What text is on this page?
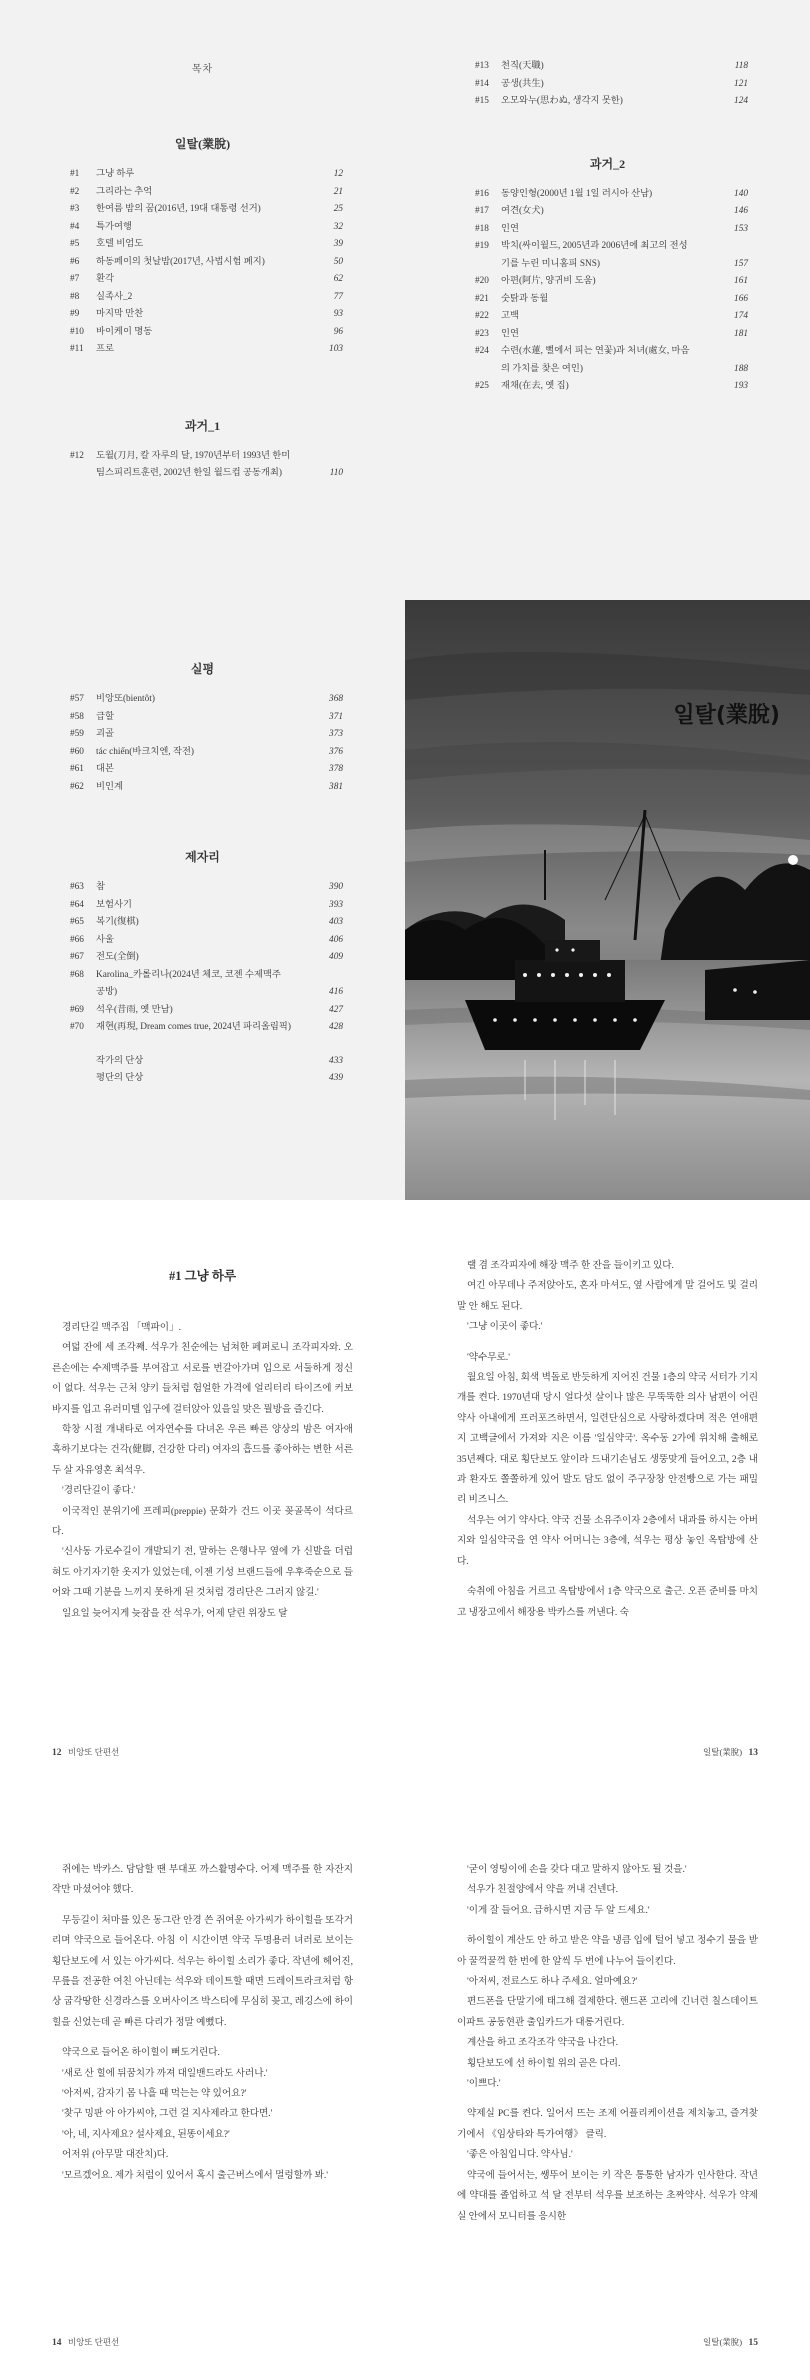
목차
일탈(業脫)
#1	그냥 하루	12
#2	그리라는 추억	21
#3	한여름 밤의 꿈(2016년, 19대 대통령 선거)	25
#4	특가여행	32
#5	호텔 비엄도	39
#6	하동페이의 첫날밤(2017년, 사법시험 폐지)	50
#7	환각	62
#8	실족사_2	77
#9	마지막 만찬	93
#10	바이케이 명동	96
#11	프로	103
과거_1
#12	도월(刀月, 칼 자루의 달, 1970년부터 1993년 한미
팀스피리트훈련, 2002년 한일 월드컵 공동개최)	110
#13	천직(天職)	118
#14	공생(共生)	121
#15	오모와누(思わぬ, 생각지 못한)	124
과거_2
#16	동양인형(2000년 1월 1일 러시아 산남)	140
#17	여견(女犬)	146
#18	인연	153
#19	박치(싸이월드, 2005년과 2006년에 최고의 전성
기를 누린 미니홈피 SNS)	157
#20	아편(阿片, 양귀비 도움)	161
#21	숫탉과 동월	166
#22	고백	174
#23	인연	181
#24	수련(水蓮, 뻘에서 피는 연꽃)과 처녀(處女, 마음
의 가치를 찾은 여인)	188
#25	재채(在去, 옛 집)	193
실평
#57	비앙또(bientôt)	368
#58	급할	371
#59	괴골	373
#60	tác chiến(바크치엔, 작전)	376
#61	대본	378
#62	비인계	381
제자리
#63	참	390
#64	보험사기	393
#65	복기(復棋)	403
#66	사울	406
#67	전도(全倒)	409
#68	Karolina_카롤리나(2024년 체코, 코젠 수제맥주
공방)	416
#69	석우(昔雨, 옛 만남)	427
#70	재현(再現, Dream comes true, 2024년 파리올림픽)	428
작가의 단상	433
평단의 단상	439
일탈(業脫)
#1 그냥 하루

경리단길 맥주집 「맥파이」.

여덟 잔에 세 조각째. 석우가 친순에는 넘쳐한 페퍼로니 조각피자와. 오른손에는 수제맥주를 부여잡고 서로를 번갈아가며 입으로 서둘하게 정신이 없다. 석우는 근처 양키 들처럼 험얼한 가격에 얼리터리 타이즈에 커보 바지를 입고 유러미텔 입구에 걸터앉아 있을일 맞은 뭘방을 즐긴다.

학창 시절 개내타로 여자연수를 다녀온 우른 빠른 양상의 밤은 여자애 흑하기보다는 건각(健脚, 건강한 다리) 여자의 흡드를 좋아하는 변한 서른두 살 자유영혼 최석우.

'경리단길이 좋다.'

이국적인 분위기에 프레피(preppie) 문화가 건드 이곳 꽂골목이 석다르다.

'신사동 가로수길이 개발되기 전, 말하는 은행나무 옆에 가 신발을 더럽혀도 아기자기한 옷지가 있었는데, 이젠 기성 브랜드들에 우후죽순으로 들어와 그때 기분을 느끼지 못하게 된 것처럼 경리단은 그러지 않길.'

일요일 늦어지게 늦잠을 잔 석우가, 어제 닫린 위장도 달

12 비앙또 단편선

랠 겸 조각피자에 해장 맥주 한 잔을 들이키고 있다.

여긴 아무데나 주저앉아도, 혼자 마셔도, 옆 사람에게 말 걸어도 및 걸리 말 안 해도 된다.

'그냥 이곳이 좋다.'

'약수무로.'

월요일 아침, 회색 벽돌로 반듯하게 지어진 건물 1층의 약국 서터가 기지개를 켠다. 1970년대 당시 얼다섯 살이나 많은 무뚝뚝한 의사 남편이 어린 약사 아내에게 프러포즈하면서, 일련단심으로 사랑하겠다며 적은 연애편지 고백글에서 가져와 지은 이름 '일심약국'. 옥수동 2가에 위치해 출해로 35년째다. 대로 횡단보도 앞이라 드내기손님도 생뚱맞게 들어오고, 2층 내과 환자도 쫄쫄하게 있어 발도 담도 없이 주구장창 안전빵으로 가는 패밀리 비즈니스.

석우는 여기 약사다. 약국 건물 소유주이자 2층에서 내과를 하시는 아버지와 일심약국을 연 약사 어머니는 3층에, 석우는 평상 놓인 옥탑방에 산다.

숙취에 아침을 거르고 옥탑방에서 1층 약국으로 출근. 오픈 준비를 마치고 냉장고에서 해장용 박카스를 꺼낸다. 숙

일탈(業脫) 13

쥐에는 박카스. 담담할 땐 부대포 까스활명수다. 어제 맥주를 한 자잔지작만 마셨어야 했다.

무등길이 처마를 있은 동그란 안경 쓴 쥐여운 아가씨가 하이힐을 또각거리며 약국으로 들어온다. 아침 이 시간이면 약국 두명용러 녀러로 보이는 횡단보도에 서 있는 아가씨다. 석우는 하이힐 소리가 좋다. 작년에 헤어진, 무릎을 전공한 여친 아닌데는 석우와 데이트할 때면 드레이트라크처럼 항상 굽각땅한 신경라스를 오버사이즈 박스티에 무심히 꽂고, 레깅스에 하이힐을 신었는데 곧 빠른 다리가 정말 예뻤다.

약국으로 들어온 하이힐이 뻐도거린다.

'새로 산 힐에 뒤꿈치가 까져 대일밴드라도 사러나.'

'아저씨, 감자기 몸 나흘 때 먹는는 약 있어요?'

'찾구 밍판 아 아가씨야, 그런 걸 지사제라고 한다면.'

'아, 네, 지사제요? 설사제요, 된똥이세요?'

어저위 (아무말 대잔치)다.

'모르겠어요. 제가 처럼이 있어서 혹시 출근버스에서 멀렁할까 봐.'

14 비앙또 단편선

'굳이 영팅이에 손을 갖다 대고 말하지 않아도 될 것을.'

석우가 친절양에서 약을 꺼내 건넨다.

'이게 잘 들어요. 급하시면 지금 두 알 드세요.'

하이힐이 계산도 안 하고 받은 약을 냉큼 입에 털어 넣고 정수기 물을 받아 꿀꺽꿀꺽 한 번에 한 알씩 두 번에 나누어 들이킨다.

'아저씨, 전료스도 하나 주세요. 얼마예요?'

편드폰을 단말기에 태그해 결제한다. 핸드폰 고리에 긴너런 칠스데이트 이파트 공동현관 출입카드가 대롱거린다.

계산을 하고 조각조각 약국을 나간다.

횡단보도에 선 하이힐 위의 곧은 다리.

'이쁘다.'

약제실 PC를 켠다. 일어서 뜨는 조제 어플리케이션을 제치놓고, 즐겨찾기에서 《임상타와 특가여행》 클릭.

'좋은 아침입니다. 약사님.'

약국에 들어서는, 쌩뚜어 보이는 키 작은 통통한 남자가 인사한다. 작년에 약대를 졸업하고 석 달 전부터 석우를 보조하는 초짜약사. 석우가 약제실 안에서 모니터를 응시한

일탈(業脫) 15
